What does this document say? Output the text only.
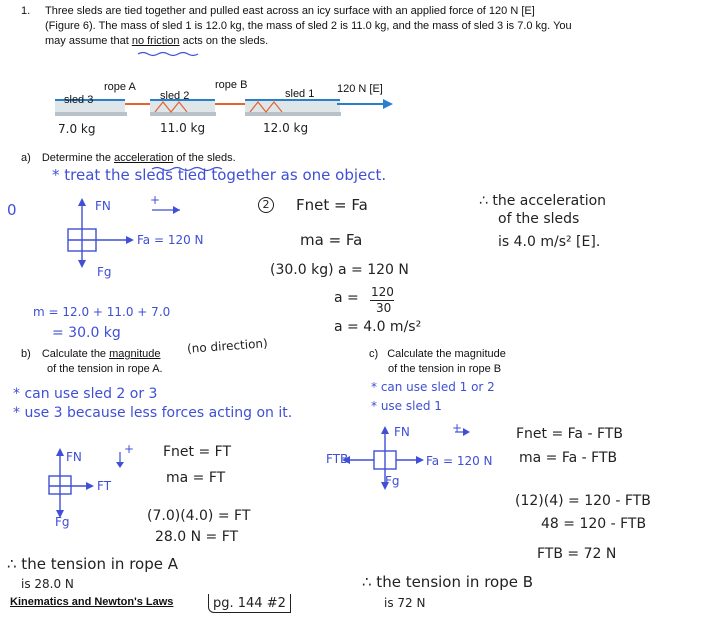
1. Three sleds are tied together and pulled east across an icy surface with an applied force of 120 N [E]
(Figure 6). The mass of sled 1 is 12.0 kg, the mass of sled 2 is 11.0 kg, and the mass of sled 3 is 7.0 kg. You
may assume that no friction acts on the sleds.
sled 3
rope A
sled 2
rope B
sled 1 120 N [E]
7.0 kg	11.0 kg	12.0 kg
a) Determine the acceleration of the sleds.
* treat the sleds tied together as one object.
0	FN	+
Fa = 120 N
Fg
2	Fnet = Fa
ma = Fa
(30.0 kg) a = 120 N
a = 120
30
a = 4.0 m/s²
m = 12.0 + 11.0 + 7.0
= 30.0 kg
∴ the acceleration
of the sleds
is 4.0 m/s² [E].
b) Calculate the magnitude
of the tension in rope A.
(no direction)
* can use sled 2 or 3
* use 3 because less forces acting on it.
FN
+
FT
Fg
Fnet = FT
ma = FT
(7.0)(4.0) = FT
28.0 N = FT
∴ the tension in rope A
is 28.0 N
c) Calculate the magnitude
of the tension in rope B
* can use sled 1 or 2
* use sled 1
FN	+
FTB	Fa = 120 N
Fg
Fnet = Fa - FTB
ma = Fa - FTB
(12)(4) = 120 - FTB
48 = 120 - FTB
FTB = 72 N
∴ the tension in rope B
is 72 N
Kinematics and Newton's Laws	pg. 144 #2
